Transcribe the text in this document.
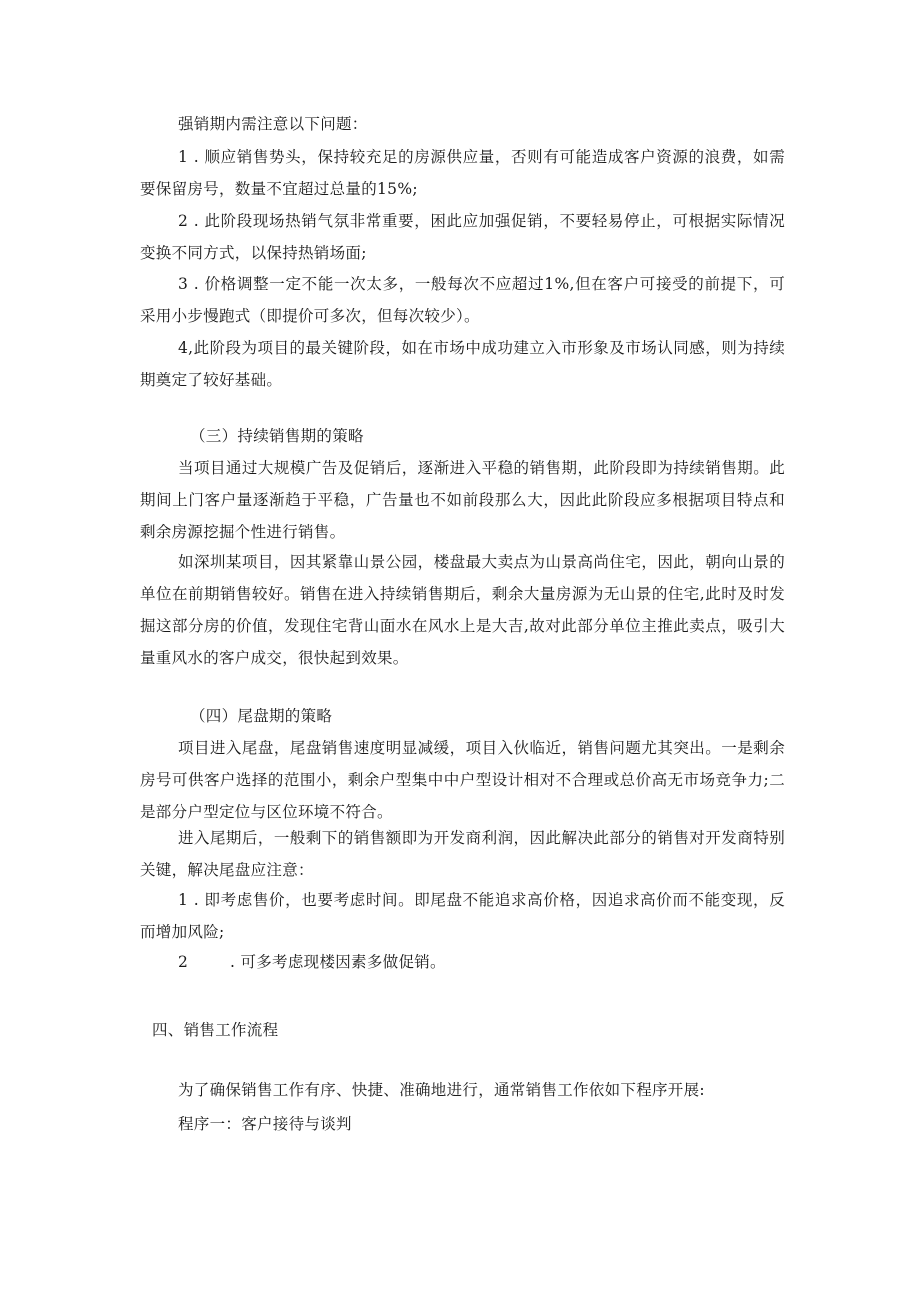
强销期内需注意以下问题：

1 . 顺应销售势头，保持较充足的房源供应量，否则有可能造成客户资源的浪费，如需要保留房号，数量不宜超过总量的15%;

2 . 此阶段现场热销气氛非常重要，困此应加强促销，不要轻易停止，可根据实际情况变换不同方式，以保持热销场面;

3 . 价格调整一定不能一次太多，一般每次不应超过1%,但在客户可接受的前提下，可采用小步慢跑式（即提价可多次，但每次较少）。

4,此阶段为项目的最关键阶段，如在市场中成功建立入市形象及市场认同感，则为持续期奠定了较好基础。

（三）持续销售期的策略

当项目通过大规模广告及促销后，逐渐进入平稳的销售期，此阶段即为持续销售期。此期间上门客户量逐渐趋于平稳，广告量也不如前段那么大，因此此阶段应多根据项目特点和剩余房源挖掘个性进行销售。

如深圳某项目，因其紧靠山景公园，楼盘最大卖点为山景高尚住宅，因此，朝向山景的单位在前期销售较好。销售在进入持续销售期后，剩余大量房源为无山景的住宅,此时及时发掘这部分房的价值，发现住宅背山面水在风水上是大吉,故对此部分单位主推此卖点，吸引大量重风水的客户成交，很快起到效果。

（四）尾盘期的策略

项目进入尾盘，尾盘销售速度明显减缓，项目入伙临近，销售问题尤其突出。一是剩余房号可供客户选择的范围小，剩余户型集中中户型设计相对不合理或总价高无市场竞争力;二是部分户型定位与区位环境不符合。

进入尾期后，一般剩下的销售额即为开发商利润，因此解决此部分的销售对开发商特别关键，解决尾盘应注意：

1 . 即考虑售价，也要考虑时间。即尾盘不能追求高价格，因追求高价而不能变现，反而增加风险;

2	. 可多考虑现楼因素多做促销。

四、销售工作流程

为了确保销售工作有序、快捷、准确地进行，通常销售工作依如下程序开展:

程序一：客户接待与谈判
